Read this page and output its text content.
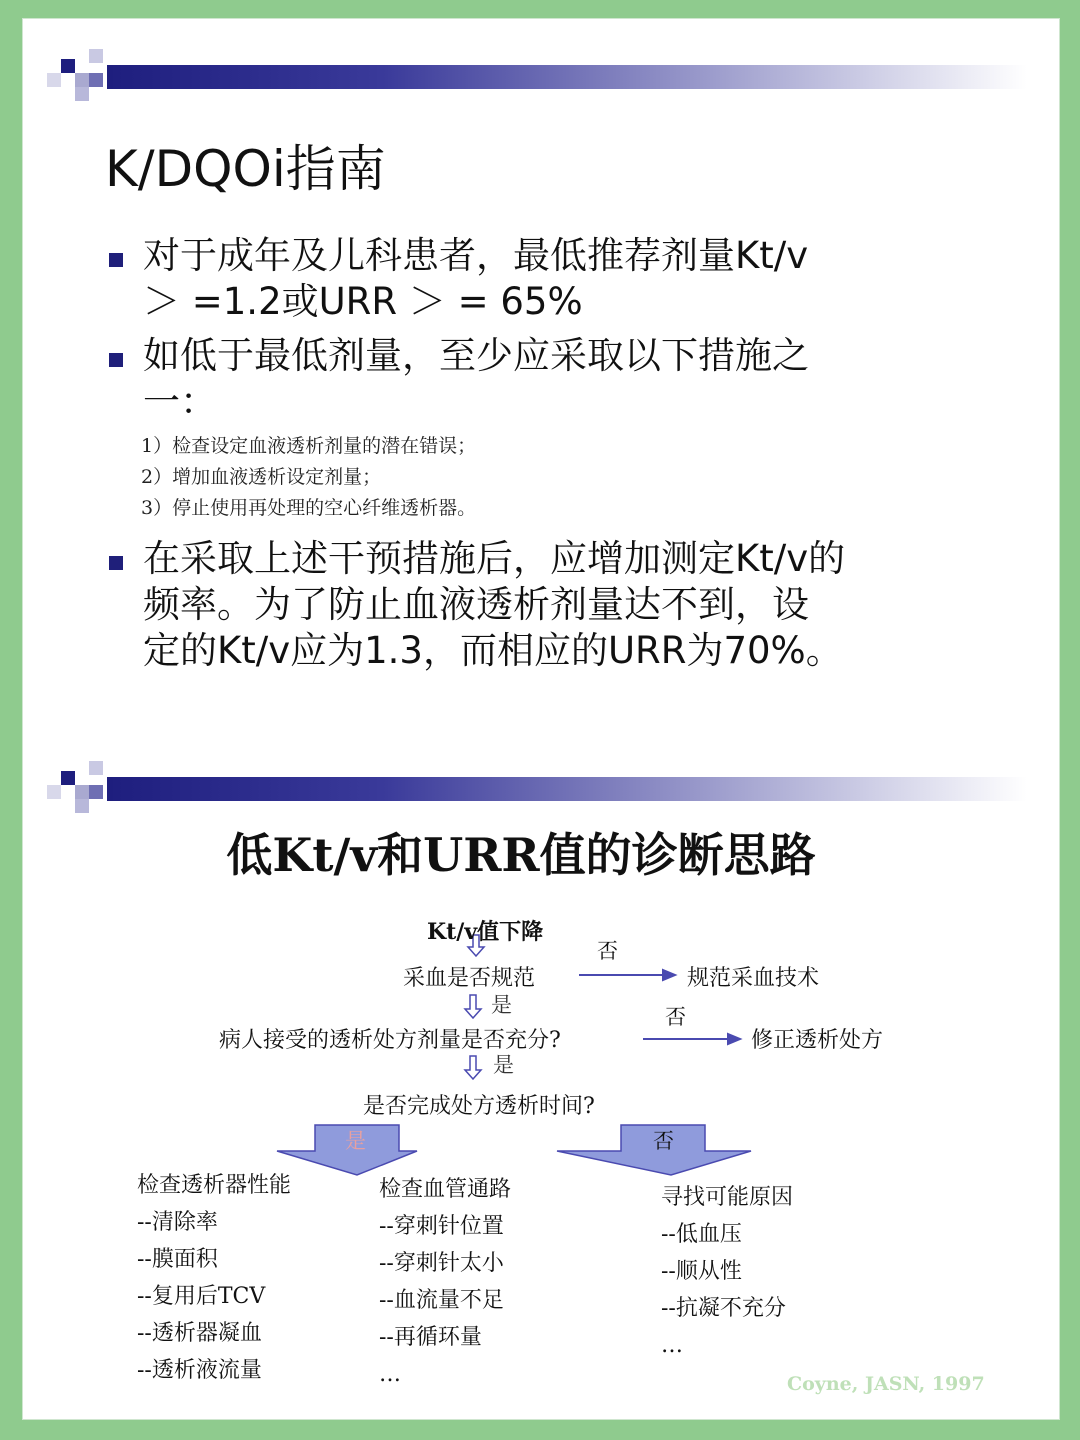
K/DQOi指南
对于成年及儿科患者，最低推荐剂量Kt/v
＞ =1.2或URR ＞ = 65%
如低于最低剂量，至少应采取以下措施之
一：
1）检查设定血液透析剂量的潜在错误；
2）增加血液透析设定剂量；
3）停止使用再处理的空心纤维透析器。
在采取上述干预措施后，应增加测定Kt/v的
频率。为了防止血液透析剂量达不到，设
定的Kt/v应为1.3，而相应的URR为70%。
低Kt/v和URR值的诊断思路
Kt/v值下降
采血是否规范
否
规范采血技术
是
病人接受的透析处方剂量是否充分?
否
修正透析处方
是
是否完成处方透析时间?
是	否
检查透析器性能
--清除率
--膜面积
--复用后TCV
--透析器凝血
--透析液流量
检查血管通路
--穿刺针位置
--穿刺针太小
--血流量不足
--再循环量
…
寻找可能原因
--低血压
--顺从性
--抗凝不充分
…
Coyne, JASN, 1997
